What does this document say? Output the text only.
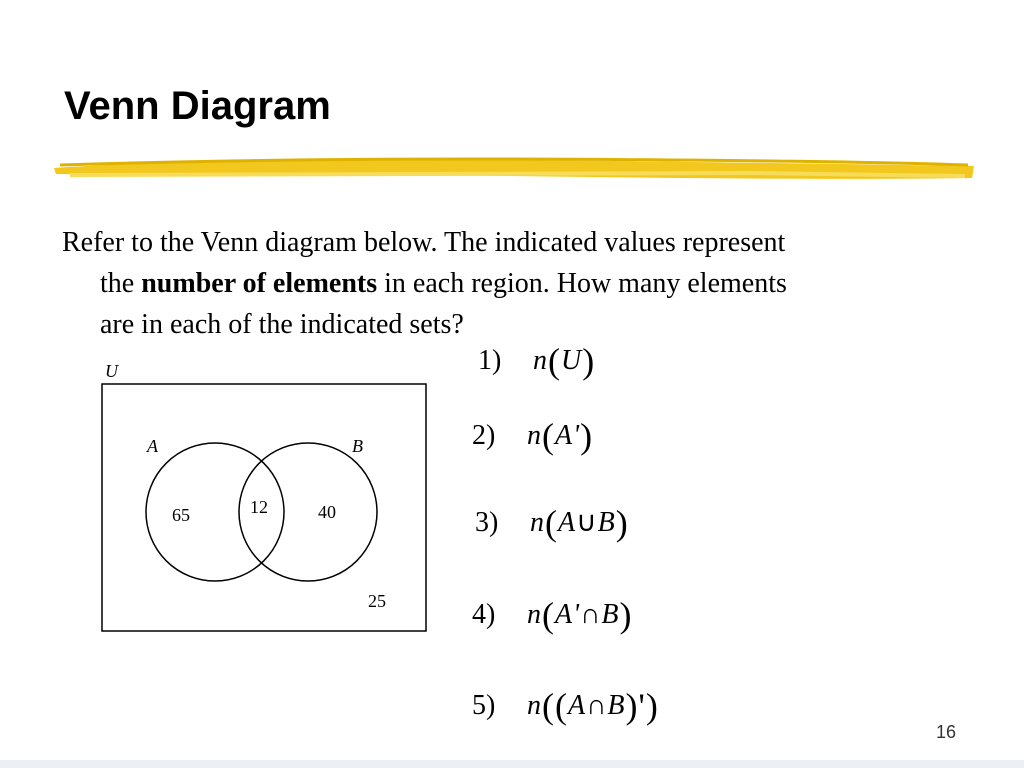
Venn Diagram
Refer to the Venn diagram below. The indicated values represent
the number of elements in each region. How many elements
are in each of the indicated sets?
U
A	B
65	12	40
25
1) n(U)
2) n(A')
3) n(A∪B)
4) n(A'∩B)
5) n((A∩B)')
16
